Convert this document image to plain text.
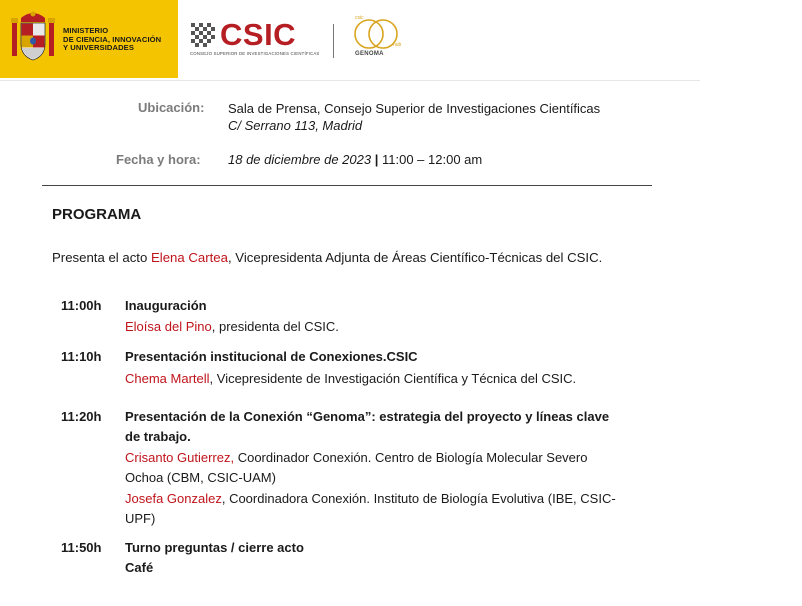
MINISTERIO
DE CIENCIA, INNOVACIÓN
Y UNIVERSIDADES	CSIC
CONSEJO SUPERIOR DE INVESTIGACIONES CIENTÍFICAS
csic
hub
GENOMA
Ubicación: Sala de Prensa, Consejo Superior de Investigaciones Científicas
C/ Serrano 113, Madrid
Fecha y hora: 18 de diciembre de 2023 | 11:00 – 12:00 am
PROGRAMA
Presenta el acto Elena Cartea, Vicepresidenta Adjunta de Áreas Científico-Técnicas del CSIC.
11:00h Inauguración
Eloísa del Pino, presidenta del CSIC.
11:10h Presentación institucional de Conexiones.CSIC
Chema Martell, Vicepresidente de Investigación Científica y Técnica del CSIC.
11:20h Presentación de la Conexión “Genoma”: estrategia del proyecto y líneas clave de trabajo.
Crisanto Gutierrez, Coordinador Conexión. Centro de Biología Molecular Severo Ochoa (CBM, CSIC-UAM)
Josefa Gonzalez, Coordinadora Conexión. Instituto de Biología Evolutiva (IBE, CSIC-UPF)
11:50h Turno preguntas / cierre acto
Café
